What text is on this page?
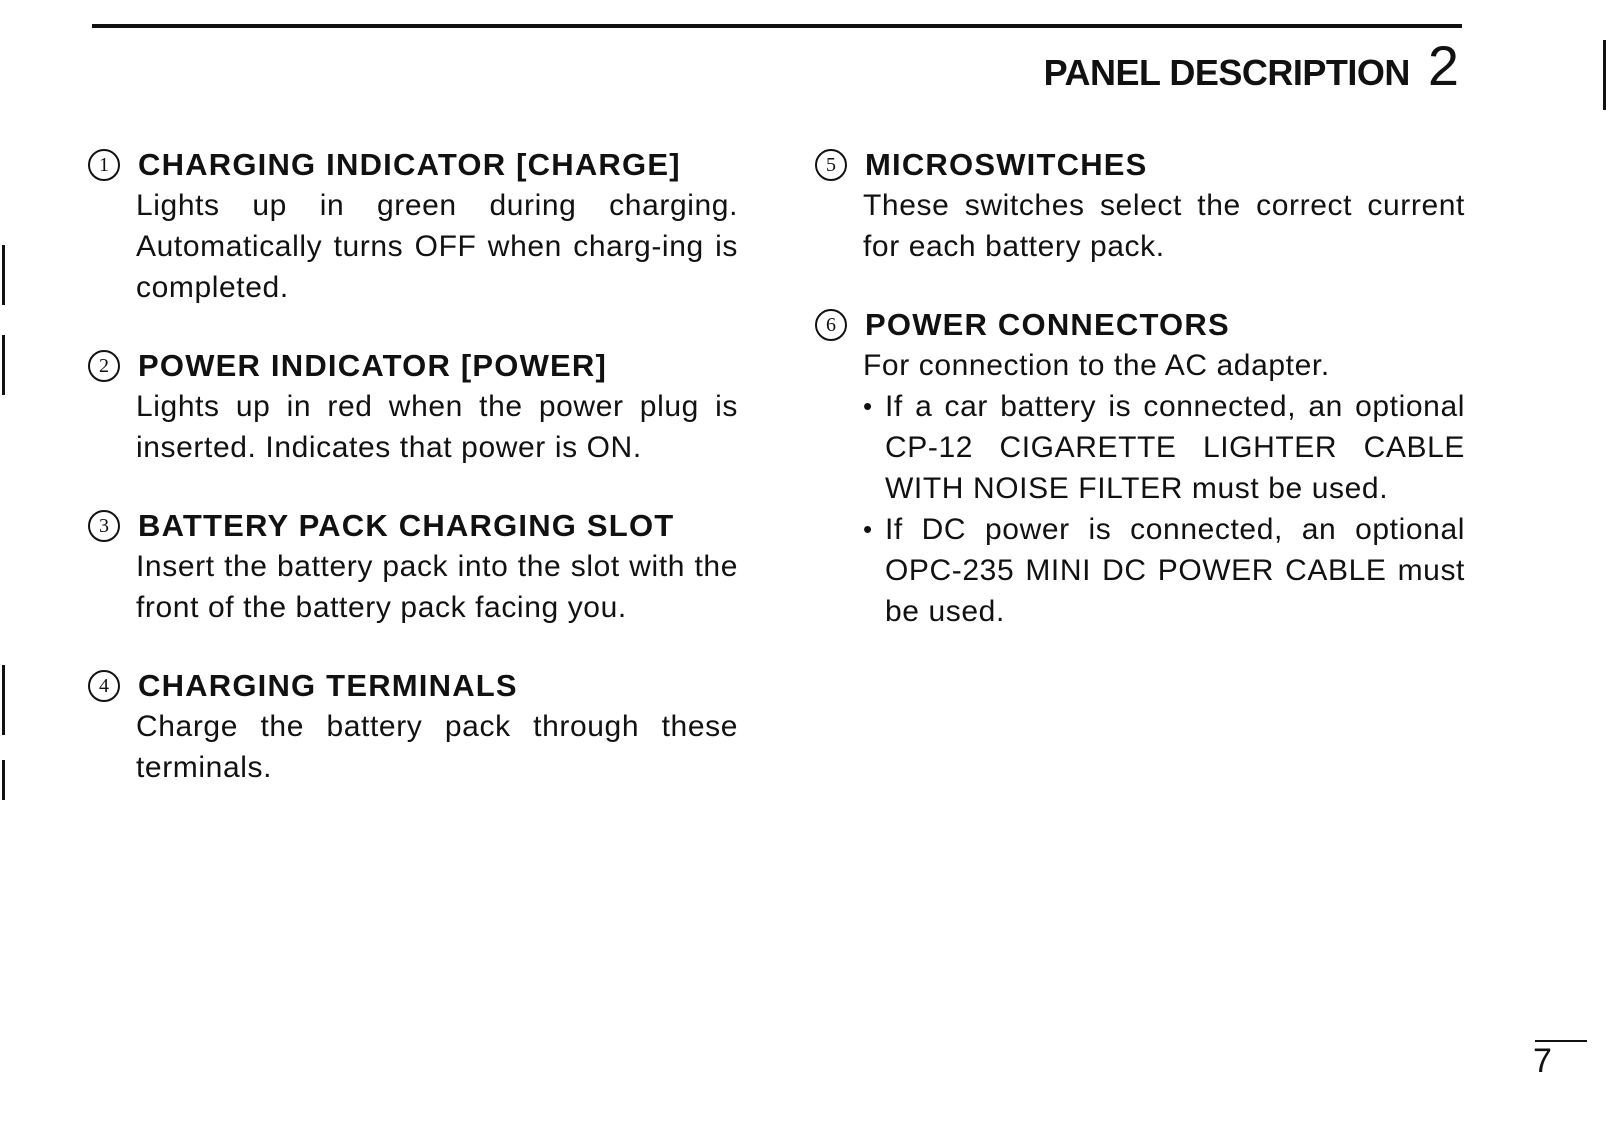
PANEL DESCRIPTION 2
1 CHARGING INDICATOR [CHARGE]
Lights up in green during charging. Automatically turns OFF when charg-ing is completed.
2 POWER INDICATOR [POWER]
Lights up in red when the power plug is inserted. Indicates that power is ON.
3 BATTERY PACK CHARGING SLOT
Insert the battery pack into the slot with the front of the battery pack facing you.
4 CHARGING TERMINALS
Charge the battery pack through these terminals.
5 MICROSWITCHES
These switches select the correct current for each battery pack.
6 POWER CONNECTORS
For connection to the AC adapter.
• If a car battery is connected, an optional CP-12 CIGARETTE LIGHTER CABLE WITH NOISE FILTER must be used.
• If DC power is connected, an optional OPC-235 MINI DC POWER CABLE must be used.
7
